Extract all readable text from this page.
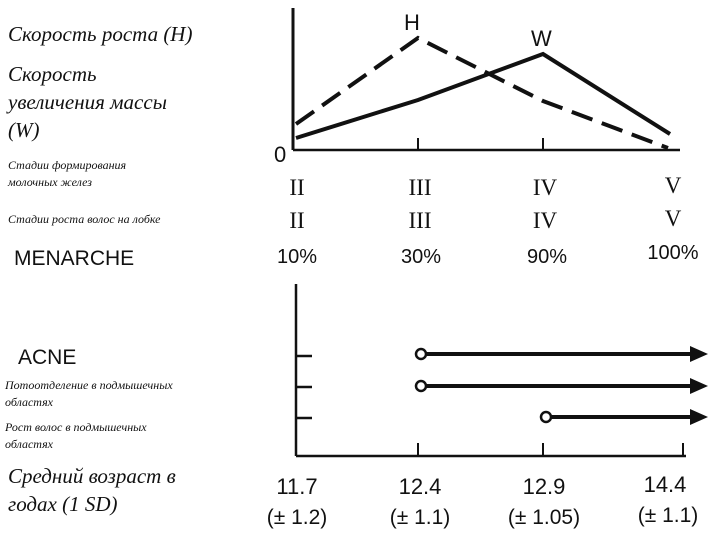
Скорость роста (Н)
Скорость
увеличения массы
(W)
Стадии формирования
молочных желез
Стадии роста волос на лобке
MENARCHE
ACNE
Потоотделение в подмышечных
областях
Рост волос в подмышечных
областях
Средний возраст в
годах (1 SD)
H
W
0
II
II
10%
11.7
(± 1.2)
III
III
30%
12.4
(± 1.1)
IV
IV
90%
12.9
(± 1.05)
V
V
100%
14.4
(± 1.1)
